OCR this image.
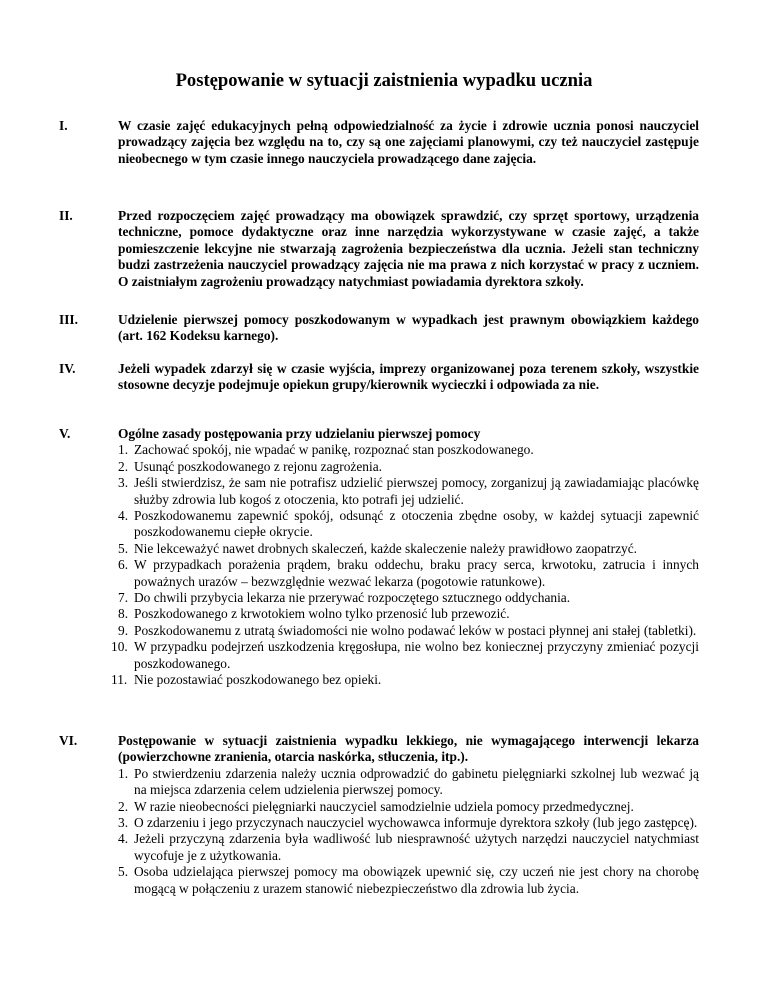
Postępowanie w sytuacji zaistnienia wypadku ucznia
I.	W czasie zajęć edukacyjnych pełną odpowiedzialność za życie i zdrowie ucznia ponosi nauczyciel prowadzący zajęcia bez względu na to, czy są one zajęciami planowymi, czy też nauczyciel zastępuje nieobecnego w tym czasie innego nauczyciela prowadzącego dane zajęcia.
II.	Przed rozpoczęciem zajęć prowadzący ma obowiązek sprawdzić, czy sprzęt sportowy, urządzenia techniczne, pomoce dydaktyczne oraz inne narzędzia wykorzystywane w czasie zajęć, a także pomieszczenie lekcyjne nie stwarzają zagrożenia bezpieczeństwa dla ucznia. Jeżeli stan techniczny budzi zastrzeżenia nauczyciel prowadzący zajęcia nie ma prawa z nich korzystać w pracy z uczniem. O zaistniałym zagrożeniu prowadzący natychmiast powiadamia dyrektora szkoły.
III.	Udzielenie pierwszej pomocy poszkodowanym w wypadkach jest prawnym obowiązkiem każdego (art. 162 Kodeksu karnego).
IV.	Jeżeli wypadek zdarzył się w czasie wyjścia, imprezy organizowanej poza terenem szkoły, wszystkie stosowne decyzje podejmuje opiekun grupy/kierownik wycieczki i odpowiada za nie.
V.	Ogólne zasady postępowania przy udzielaniu pierwszej pomocy

1. Zachować spokój, nie wpadać w panikę, rozpoznać stan poszkodowanego.
2. Usunąć poszkodowanego z rejonu zagrożenia.
3. Jeśli stwierdzisz, że sam nie potrafisz udzielić pierwszej pomocy, zorganizuj ją zawiadamiając placówkę służby zdrowia lub kogoś z otoczenia, kto potrafi jej udzielić.
4. Poszkodowanemu zapewnić spokój, odsunąć z otoczenia zbędne osoby, w każdej sytuacji zapewnić poszkodowanemu ciepłe okrycie.
5. Nie lekceważyć nawet drobnych skaleczeń, każde skaleczenie należy prawidłowo zaopatrzyć.
6. W przypadkach porażenia prądem, braku oddechu, braku pracy serca, krwotoku, zatrucia i innych poważnych urazów – bezwzględnie wezwać lekarza (pogotowie ratunkowe).
7. Do chwili przybycia lekarza nie przerywać rozpoczętego sztucznego oddychania.
8. Poszkodowanego z krwotokiem wolno tylko przenosić lub przewozić.
9. Poszkodowanemu z utratą świadomości nie wolno podawać leków w postaci płynnej ani stałej (tabletki).
10. W przypadku podejrzeń uszkodzenia kręgosłupa, nie wolno bez koniecznej przyczyny zmieniać pozycji poszkodowanego.
11. Nie pozostawiać poszkodowanego bez opieki.
VI.	Postępowanie w sytuacji zaistnienia wypadku lekkiego, nie wymagającego interwencji lekarza (powierzchowne zranienia, otarcia naskórka, stłuczenia, itp.).

1. Po stwierdzeniu zdarzenia należy ucznia odprowadzić do gabinetu pielęgniarki szkolnej lub wezwać ją na miejsca zdarzenia celem udzielenia pierwszej pomocy.
2. W razie nieobecności pielęgniarki nauczyciel samodzielnie udziela pomocy przedmedycznej.
3. O zdarzeniu i jego przyczynach nauczyciel wychowawca informuje dyrektora szkoły (lub jego zastępcę).
4. Jeżeli przyczyną zdarzenia była wadliwość lub niesprawność użytych narzędzi nauczyciel natychmiast wycofuje je z użytkowania.
5. Osoba udzielająca pierwszej pomocy ma obowiązek upewnić się, czy uczeń nie jest chory na chorobę mogącą w połączeniu z urazem stanowić niebezpieczeństwo dla zdrowia lub życia.
